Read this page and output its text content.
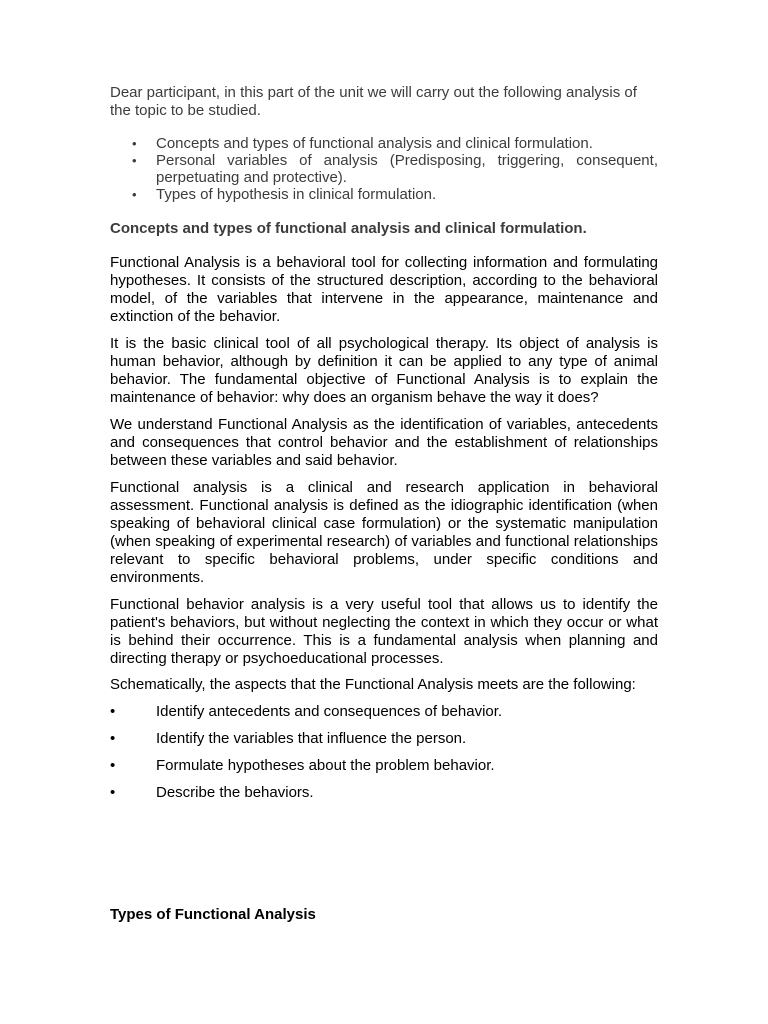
Dear participant, in this part of the unit we will carry out the following analysis of the topic to be studied.

• Concepts and types of functional analysis and clinical formulation.
• Personal variables of analysis (Predisposing, triggering, consequent, perpetuating and protective).
• Types of hypothesis in clinical formulation.

Concepts and types of functional analysis and clinical formulation.

Functional Analysis is a behavioral tool for collecting information and formulating hypotheses. It consists of the structured description, according to the behavioral model, of the variables that intervene in the appearance, maintenance and extinction of the behavior.

It is the basic clinical tool of all psychological therapy. Its object of analysis is human behavior, although by definition it can be applied to any type of animal behavior. The fundamental objective of Functional Analysis is to explain the maintenance of behavior: why does an organism behave the way it does?

We understand Functional Analysis as the identification of variables, antecedents and consequences that control behavior and the establishment of relationships between these variables and said behavior.

Functional analysis is a clinical and research application in behavioral assessment. Functional analysis is defined as the idiographic identification (when speaking of behavioral clinical case formulation) or the systematic manipulation (when speaking of experimental research) of variables and functional relationships relevant to specific behavioral problems, under specific conditions and environments.

Functional behavior analysis is a very useful tool that allows us to identify the patient's behaviors, but without neglecting the context in which they occur or what is behind their occurrence. This is a fundamental analysis when planning and directing therapy or psychoeducational processes.

Schematically, the aspects that the Functional Analysis meets are the following:

•	Identify antecedents and consequences of behavior.
•	Identify the variables that influence the person.
•	Formulate hypotheses about the problem behavior.
•	Describe the behaviors.

Types of Functional Analysis
